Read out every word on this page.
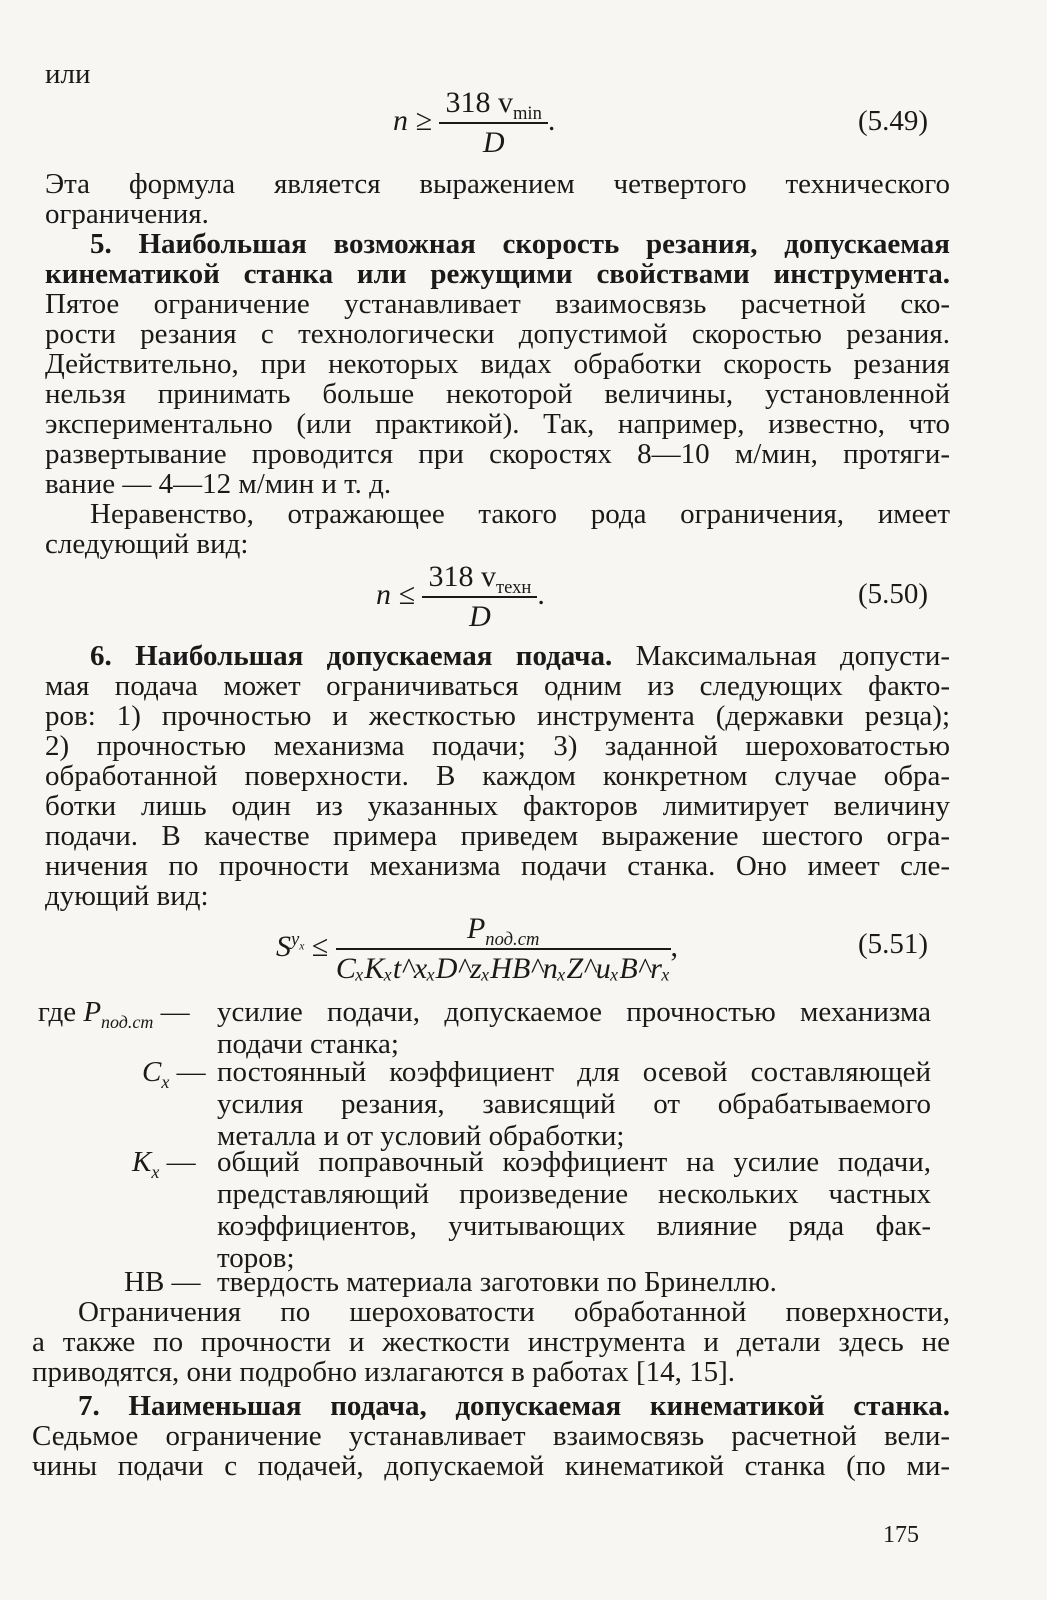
или
$n \ge \frac{318 v_{min}}{D}$ .	(5.49)
Эта формула является выражением четвертого технического
ограничения.
5. Наибольшая возможная скорость резания, допускаемая
кинематикой станка или режущими свойствами инструмента.
Пятое ограничение устанавливает взаимосвязь расчетной ско-
рости резания с технологически допустимой скоростью резания.
Действительно, при некоторых видах обработки скорость резания
нельзя принимать больше некоторой величины, установленной
экспериментально (или практикой). Так, например, известно, что
развертывание проводится при скоростях 8—10 м/мин, протяги-
вание — 4—12 м/мин и т. д.
Неравенство, отражающее такого рода ограничения, имеет
следующий вид:
$n \le \frac{318 v_{техн}}{D}$ .	(5.50)
6. Наибольшая допускаемая подача. Максимальная допусти-
мая подача может ограничиваться одним из следующих факто-
ров: 1) прочностью и жесткостью инструмента (державки резца);
2) прочностью механизма подачи; 3) заданной шероховатостью
обработанной поверхности. В каждом конкретном случае обра-
ботки лишь один из указанных факторов лимитирует величину
подачи. В качестве примера приведем выражение шестого огра-
ничения по прочности механизма подачи станка. Оно имеет сле-
дующий вид:
$S^{y_x} \le \frac{P_{под.ст}}{\text{CₓKₓt\textasciicircum{}xₓD\textasciicircum{}zₓHB\textasciicircum{}nₓZ\textasciicircum{}uₓB\textasciicircum{}rₓ}}$ ,	(5.51)
где $P_{под.ст}$ — усилие подачи, допускаемое прочностью механизма
подачи станка;
$C_x$ — постоянный коэффициент для осевой составляющей
усилия резания, зависящий от обрабатываемого
металла и от условий обработки;
$K_x$ — общий поправочный коэффициент на усилие подачи,
представляющий произведение нескольких частных
коэффициентов, учитывающих влияние ряда фак-
торов;
HB — твердость материала заготовки по Бринеллю.
Ограничения по шероховатости обработанной поверхности,
а также по прочности и жесткости инструмента и детали здесь не
приводятся, они подробно излагаются в работах [14, 15].
7. Наименьшая подача, допускаемая кинематикой станка.
Седьмое ограничение устанавливает взаимосвязь расчетной вели-
чины подачи с подачей, допускаемой кинематикой станка (по ми-
175
